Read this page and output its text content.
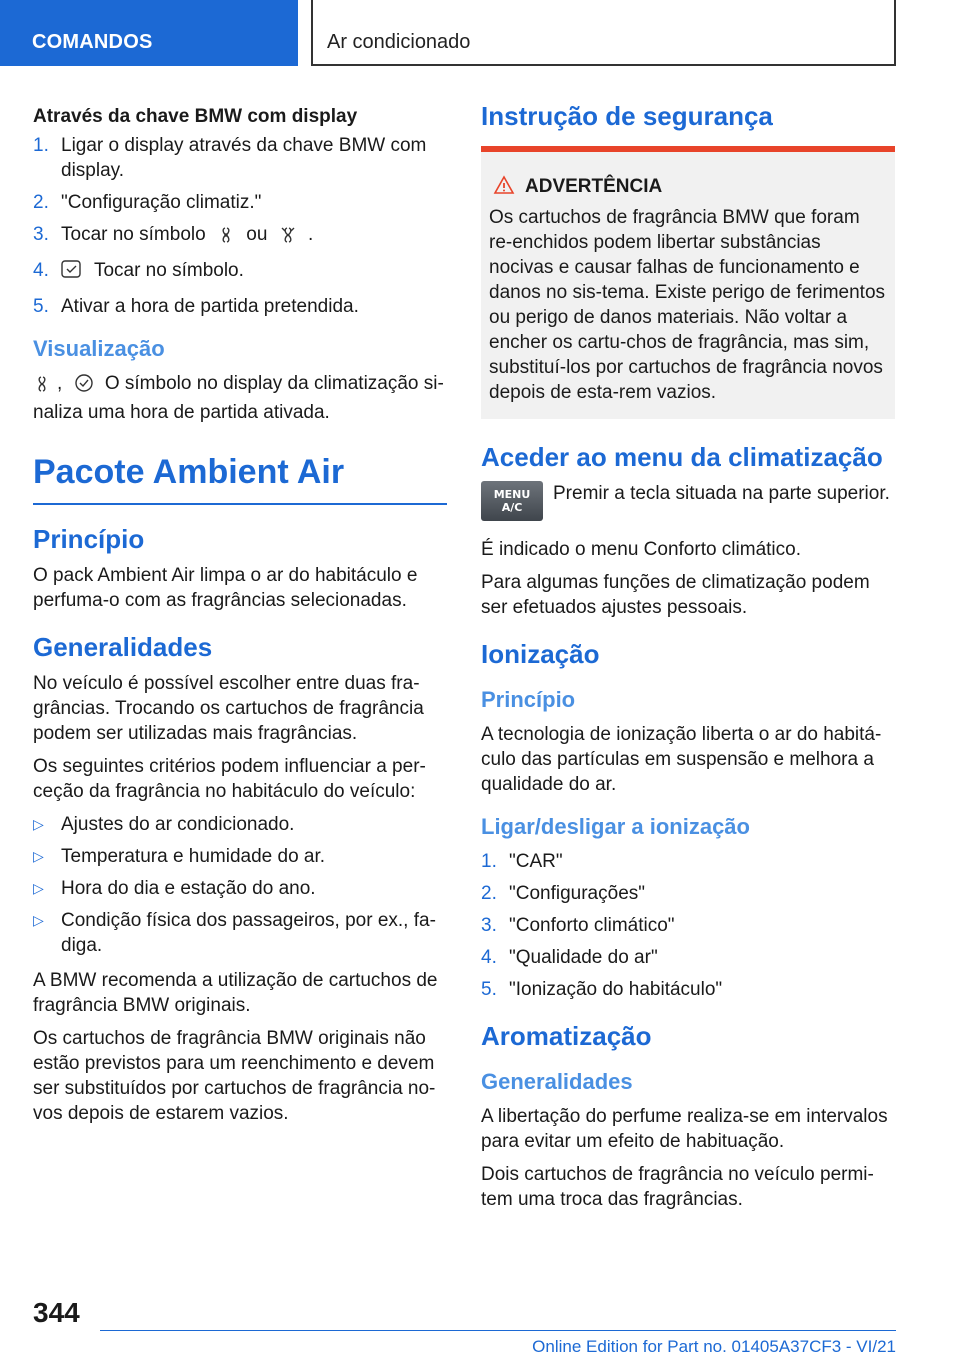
COMANDOS	Ar condicionado
Através da chave BMW com display
1. Ligar o display através da chave BMW com display.
2. "Configuração climatiz."
3. Tocar no símbolo ou .
4. Tocar no símbolo.
5. Ativar a hora de partida pretendida.
Visualização

, O símbolo no display da climatização si-naliza uma hora de partida ativada.

Pacote Ambient Air
Princípio

O pack Ambient Air limpa o ar do habitáculo e perfuma-o com as fragrâncias selecionadas.

Generalidades

No veículo é possível escolher entre duas fra-grâncias. Trocando os cartuchos de fragrância podem ser utilizadas mais fragrâncias.

Os seguintes critérios podem influenciar a per-ceção da fragrância no habitáculo do veículo:

▷ Ajustes do ar condicionado.
▷ Temperatura e humidade do ar.
▷ Hora do dia e estação do ano.
▷ Condição física dos passageiros, por ex., fa-diga.

A BMW recomenda a utilização de cartuchos de fragrância BMW originais.

Os cartuchos de fragrância BMW originais não estão previstos para um reenchimento e devem ser substituídos por cartuchos de fragrância no-vos depois de estarem vazios.

Instrução de segurança
ADVERTÊNCIA

Os cartuchos de fragrância BMW que foram re-enchidos podem libertar substâncias nocivas e causar falhas de funcionamento e danos no sis-tema. Existe perigo de ferimentos ou perigo de danos materiais. Não voltar a encher os cartu-chos de fragrância, mas sim, substituí-los por cartuchos de fragrância novos depois de esta-rem vazios.

Aceder ao menu da climatização
MENU
A/C
Premir a tecla situada na parte superior.

É indicado o menu Conforto climático.

Para algumas funções de climatização podem ser efetuados ajustes pessoais.

Ionização
Princípio

A tecnologia de ionização liberta o ar do habitá-culo das partículas em suspensão e melhora a qualidade do ar.

Ligar/desligar a ionização
1. "CAR"
2. "Configurações"
3. "Conforto climático"
4. "Qualidade do ar"
5. "Ionização do habitáculo"
Aromatização
Generalidades

A libertação do perfume realiza-se em intervalos para evitar um efeito de habituação.

Dois cartuchos de fragrância no veículo permi-tem uma troca das fragrâncias.

344
Online Edition for Part no. 01405A37CF3 - VI/21
